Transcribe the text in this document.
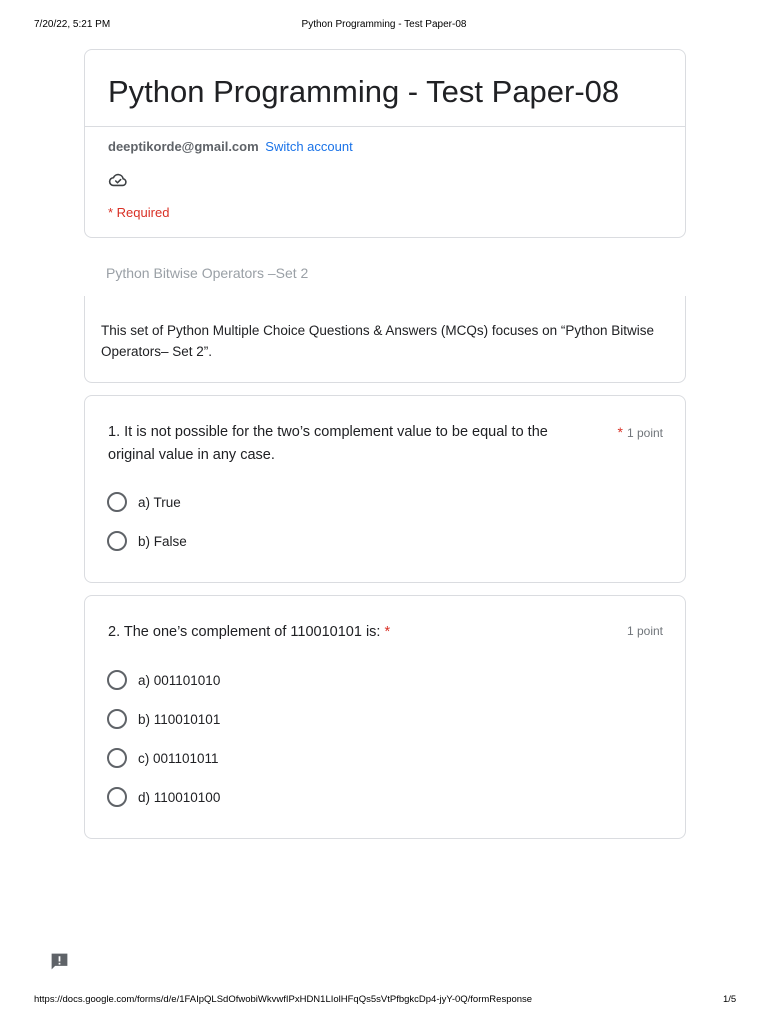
7/20/22, 5:21 PM	Python Programming - Test Paper-08
Python Programming - Test Paper-08
deeptikorde@gmail.com Switch account
* Required
Python Bitwise Operators –Set 2

This set of Python Multiple Choice Questions & Answers (MCQs) focuses on “Python Bitwise Operators– Set 2”.

1. It is not possible for the two’s complement value to be equal to the original value in any case.
* 1 point
a) True
b) False
2. The one’s complement of 110010101 is: *	1 point
a) 001101010
b) 110010101
c) 001101011
d) 110010100
https://docs.google.com/forms/d/e/1FAIpQLSdOfwobiWkvwfIPxHDN1LIolHFqQs5sVtPfbgkcDp4-jyY-0Q/formResponse	1/5
